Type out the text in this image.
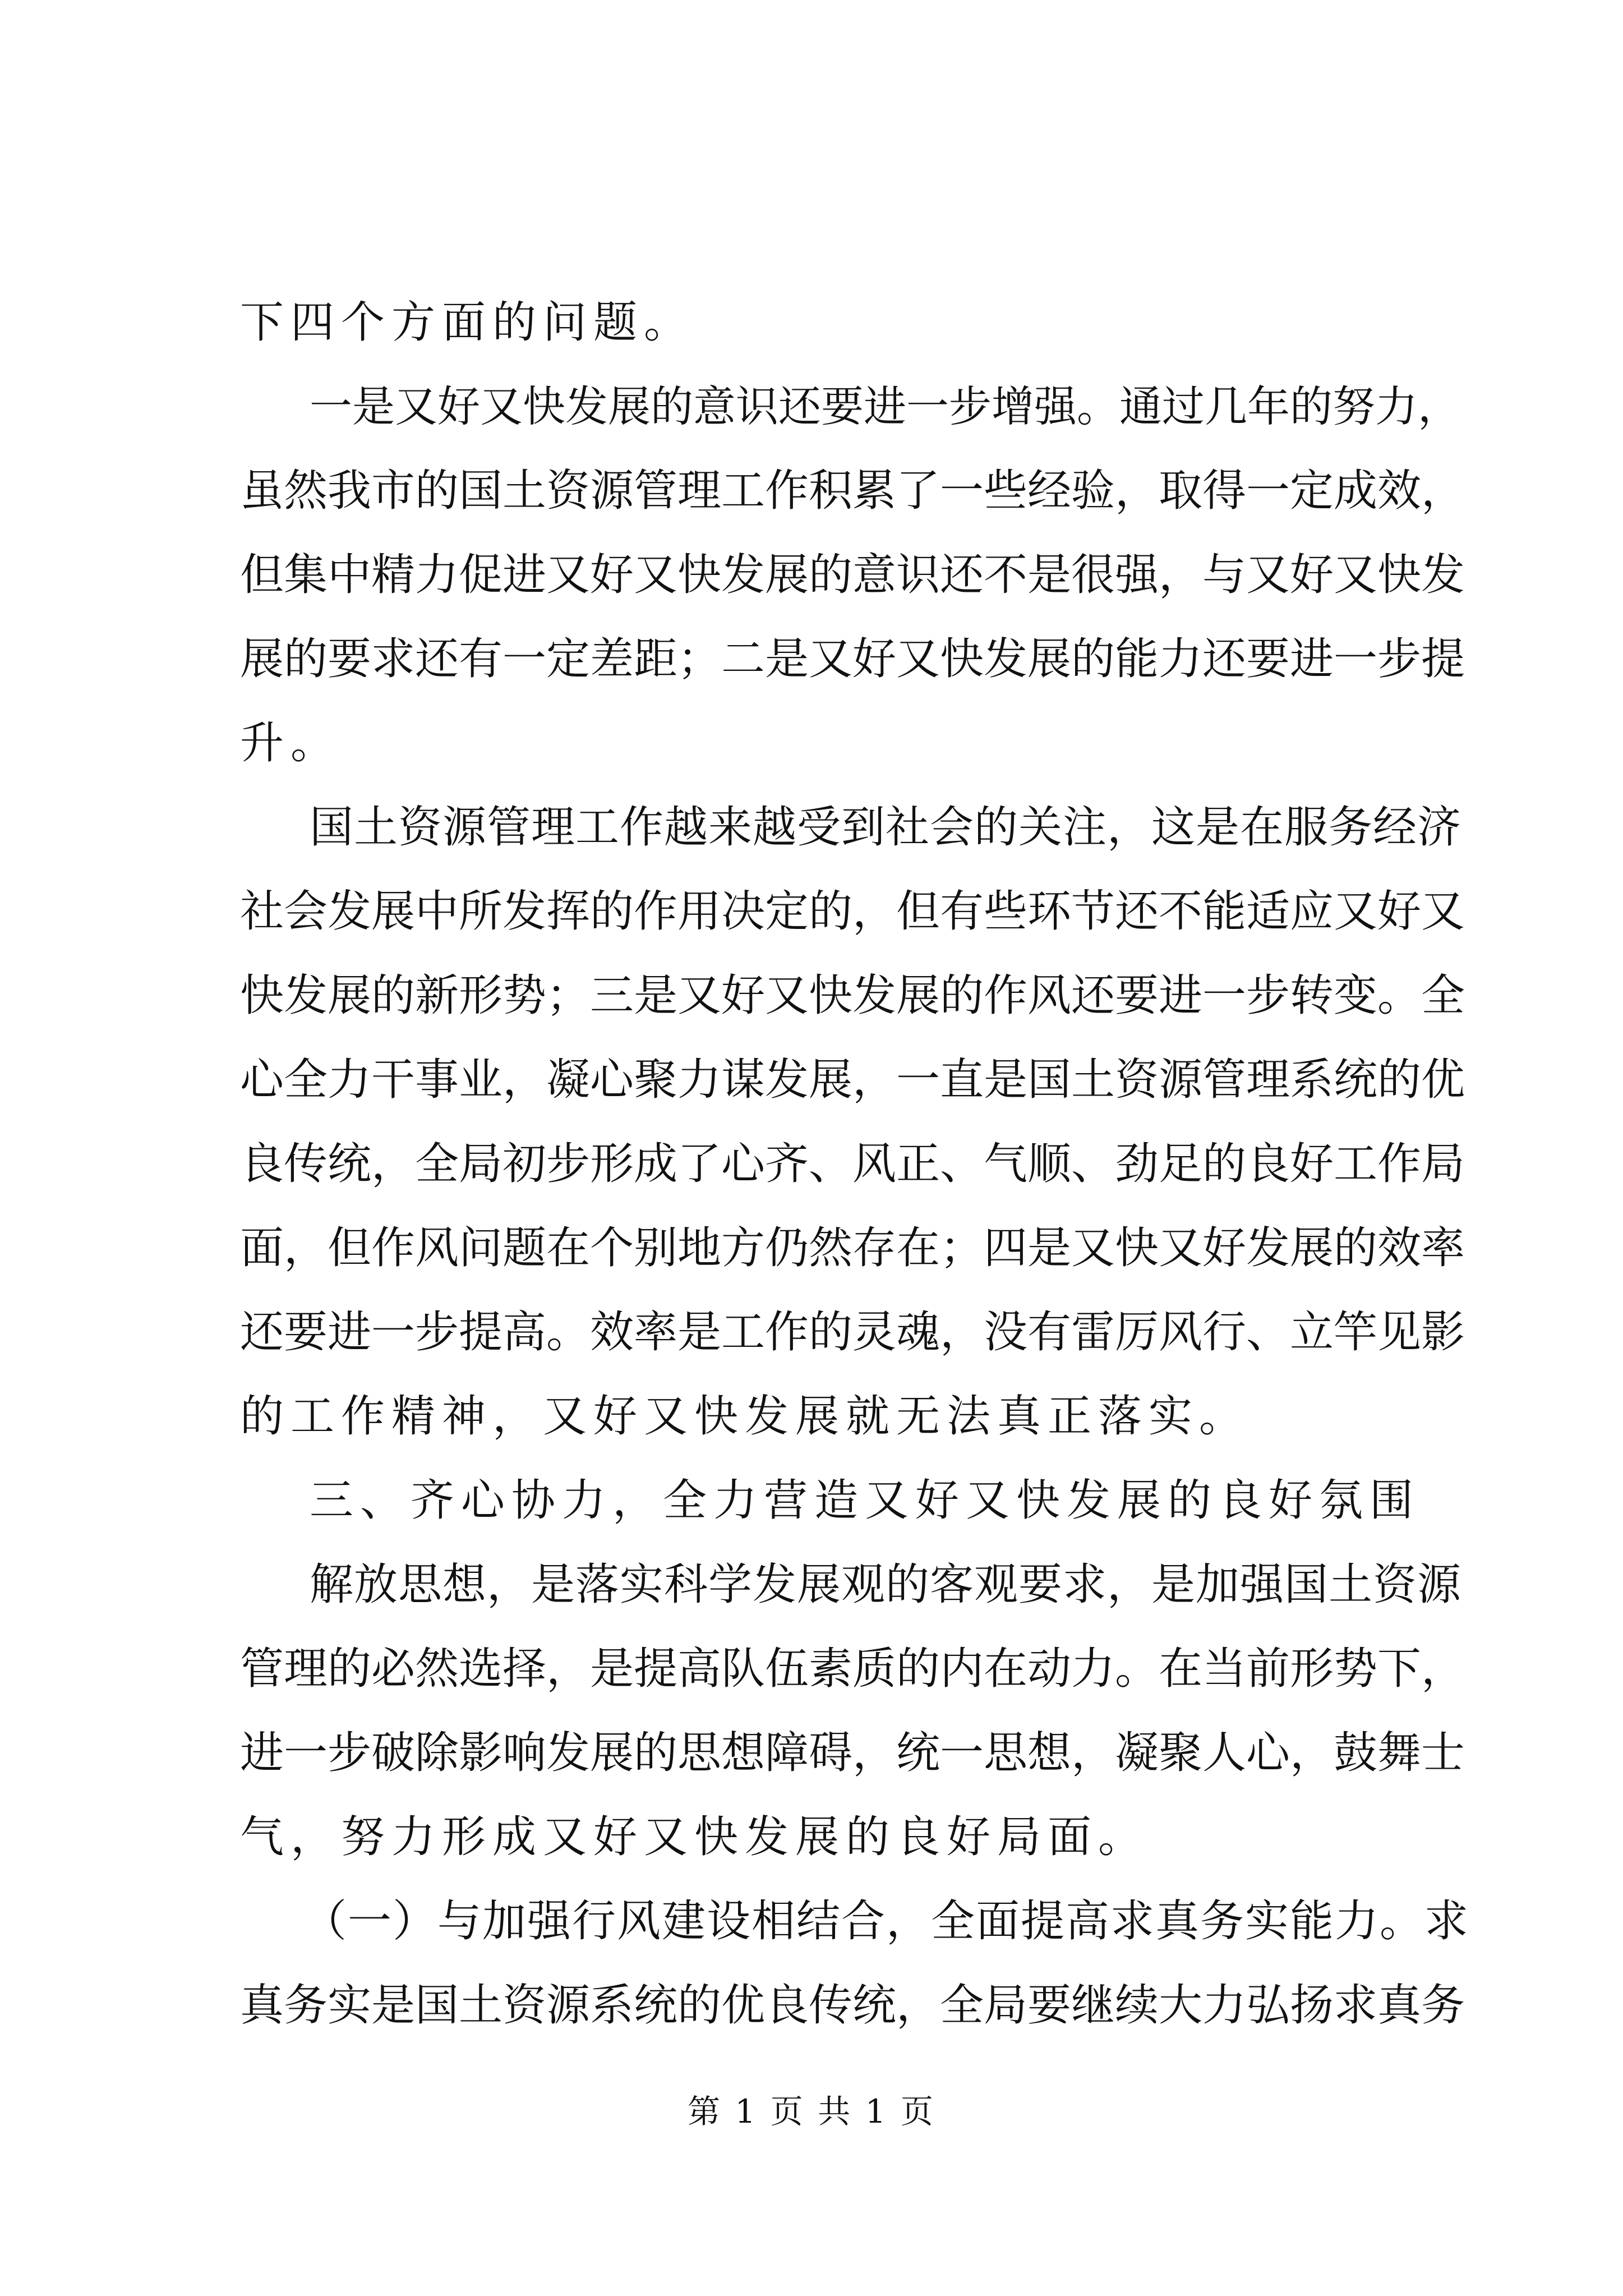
下四个方面的问题。
一是又好又快发展的意识还要进一步增强。通过几年的努力，
虽然我市的国土资源管理工作积累了一些经验，取得一定成效，
但集中精力促进又好又快发展的意识还不是很强，与又好又快发
展的要求还有一定差距；二是又好又快发展的能力还要进一步提
升。
国土资源管理工作越来越受到社会的关注，这是在服务经济
社会发展中所发挥的作用决定的，但有些环节还不能适应又好又
快发展的新形势；三是又好又快发展的作风还要进一步转变。全
心全力干事业，凝心聚力谋发展，一直是国土资源管理系统的优
良传统，全局初步形成了心齐、风正、气顺、劲足的良好工作局
面，但作风问题在个别地方仍然存在；四是又快又好发展的效率
还要进一步提高。效率是工作的灵魂，没有雷厉风行、立竿见影
的工作精神，又好又快发展就无法真正落实。
三、齐心协力，全力营造又好又快发展的良好氛围
解放思想，是落实科学发展观的客观要求，是加强国土资源
管理的必然选择，是提高队伍素质的内在动力。在当前形势下，
进一步破除影响发展的思想障碍，统一思想，凝聚人心，鼓舞士
气，努力形成又好又快发展的良好局面。
（一）与加强行风建设相结合，全面提高求真务实能力。求
真务实是国土资源系统的优良传统，全局要继续大力弘扬求真务
第 1 页 共 1 页
